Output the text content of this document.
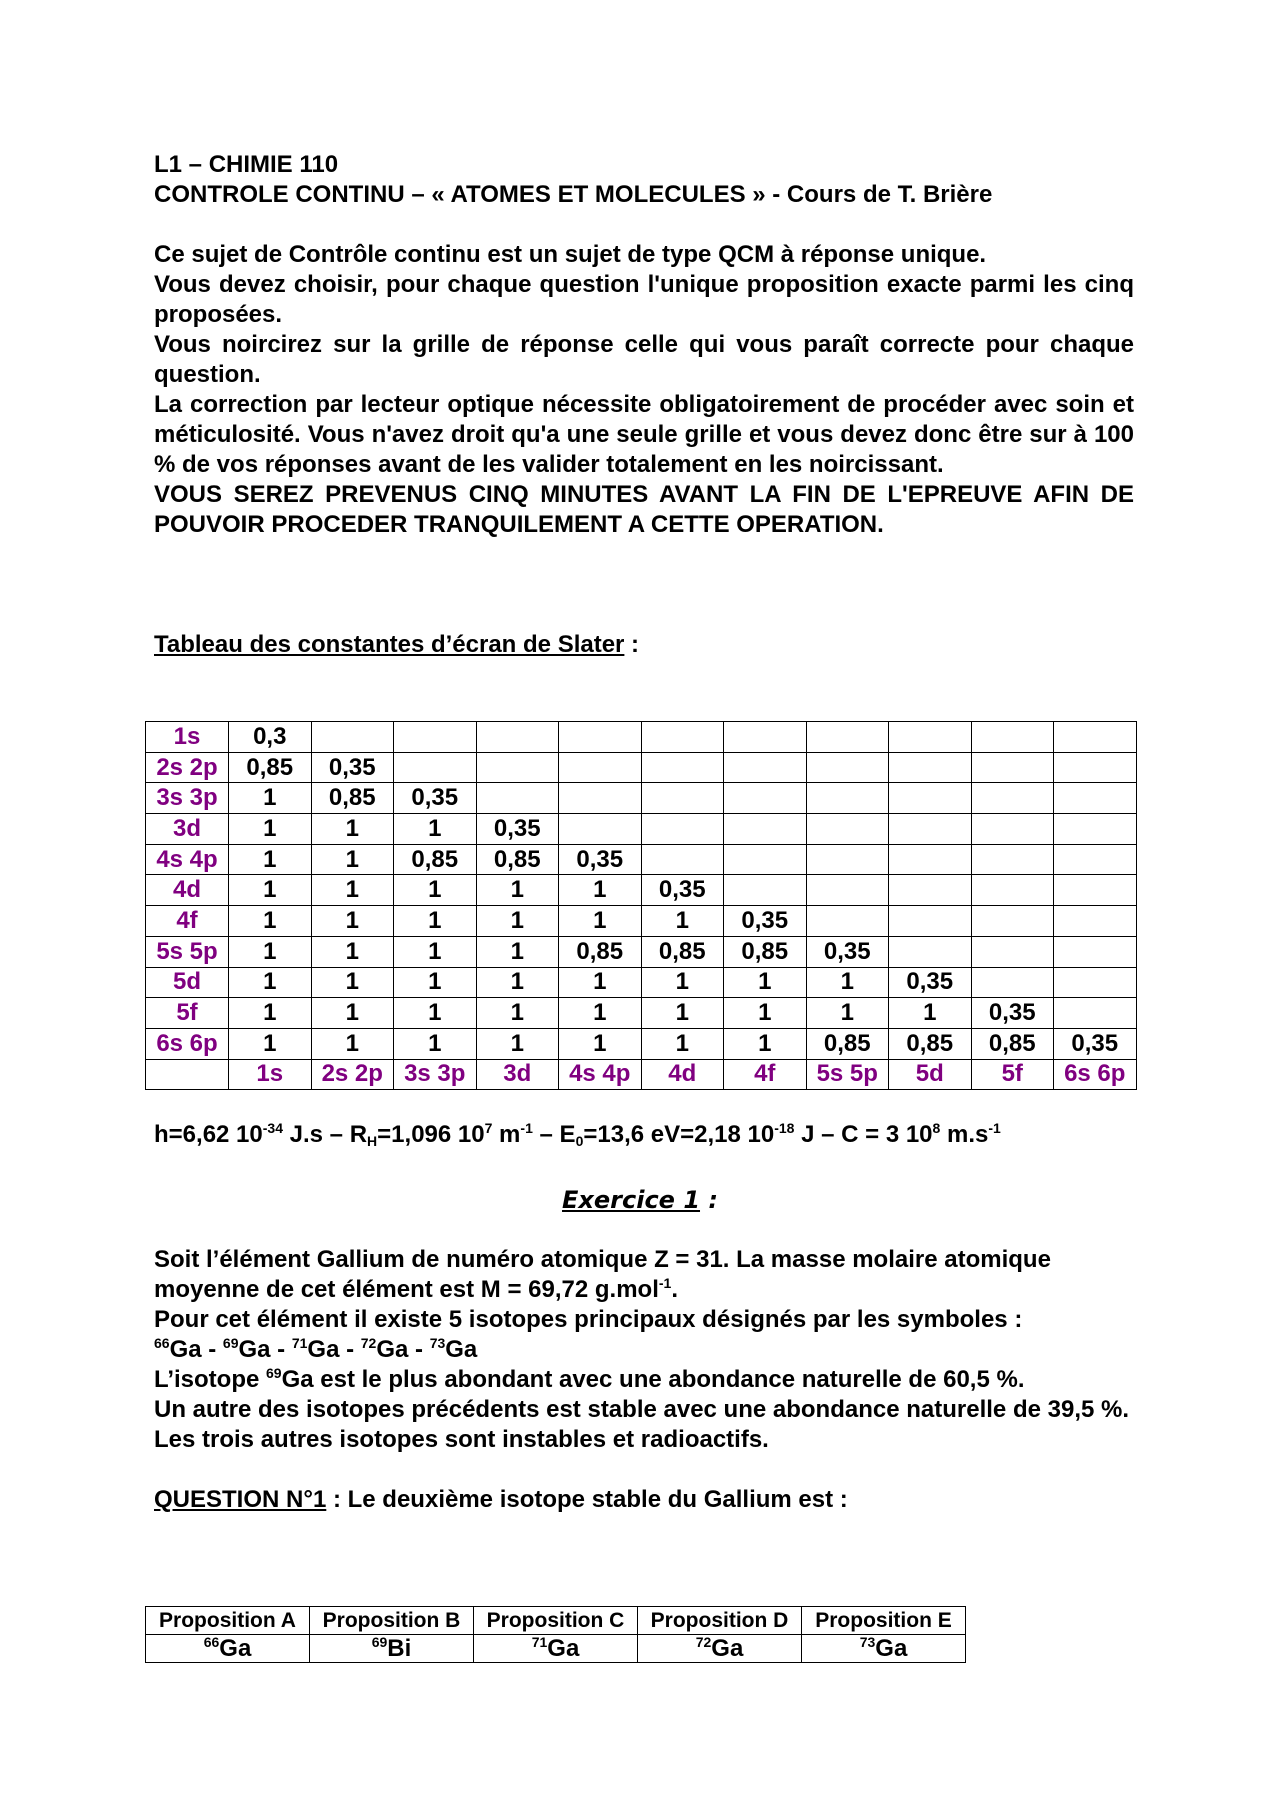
L1 – CHIMIE 110

CONTROLE CONTINU – « ATOMES ET MOLECULES » - Cours de T. Brière

Ce sujet de Contrôle continu est un sujet de type QCM à réponse unique.

Vous devez choisir, pour chaque question l'unique proposition exacte parmi les cinq proposées.

Vous noircirez sur la grille de réponse celle qui vous paraît correcte pour chaque question.

La correction par lecteur optique nécessite obligatoirement de procéder avec soin et méticulosité. Vous n'avez droit qu'a une seule grille et vous devez donc être sur à 100 % de vos réponses avant de les valider totalement en les noircissant.

VOUS SEREZ PREVENUS CINQ MINUTES AVANT LA FIN DE L'EPREUVE AFIN DE POUVOIR PROCEDER TRANQUILEMENT A CETTE OPERATION.

Tableau des constantes d’écran de Slater :

1s	0,3										
2s 2p	0,85	0,35									
3s 3p	1	0,85	0,35								
3d	1	1	1	0,35							
4s 4p	1	1	0,85	0,85	0,35						
4d	1	1	1	1	1	0,35					
4f	1	1	1	1	1	1	0,35				
5s 5p	1	1	1	1	0,85	0,85	0,85	0,35			
5d	1	1	1	1	1	1	1	1	0,35		
5f	1	1	1	1	1	1	1	1	1	0,35	
6s 6p	1	1	1	1	1	1	1	0,85	0,85	0,85	0,35
	1s	2s 2p	3s 3p	3d	4s 4p	4d	4f	5s 5p	5d	5f	6s 6p
h=6,62 $10^{-34}$ $J.s - R_H=1,096$ $10^7$ $m^{-1} - E_0=13,6$ eV=2,18 $10^{-18}$ J – C = 3 $10^8$ $m.s^{-1}$
Exercice 1 :

Soit l’élément Gallium de numéro atomique Z = 31. La masse molaire atomique moyenne de cet élément est M = 69,72 g.mol$^{-1}$.

Pour cet élément il existe 5 isotopes principaux désignés par les symboles :

$^{66}$Ga - $^{69}$Ga - $^{71}$Ga - $^{72}$Ga - $^{73}$Ga

L’isotope $^{69}$Ga est le plus abondant avec une abondance naturelle de 60,5 %.

Un autre des isotopes précédents est stable avec une abondance naturelle de 39,5 %.

Les trois autres isotopes sont instables et radioactifs.

QUESTION N°1 : Le deuxième isotope stable du Gallium est :

Proposition A	Proposition B	Proposition C	Proposition D	Proposition E
$^{66}$Ga	$^{69}$Bi	$^{71}$Ga	$^{72}$Ga	$^{73}$Ga
